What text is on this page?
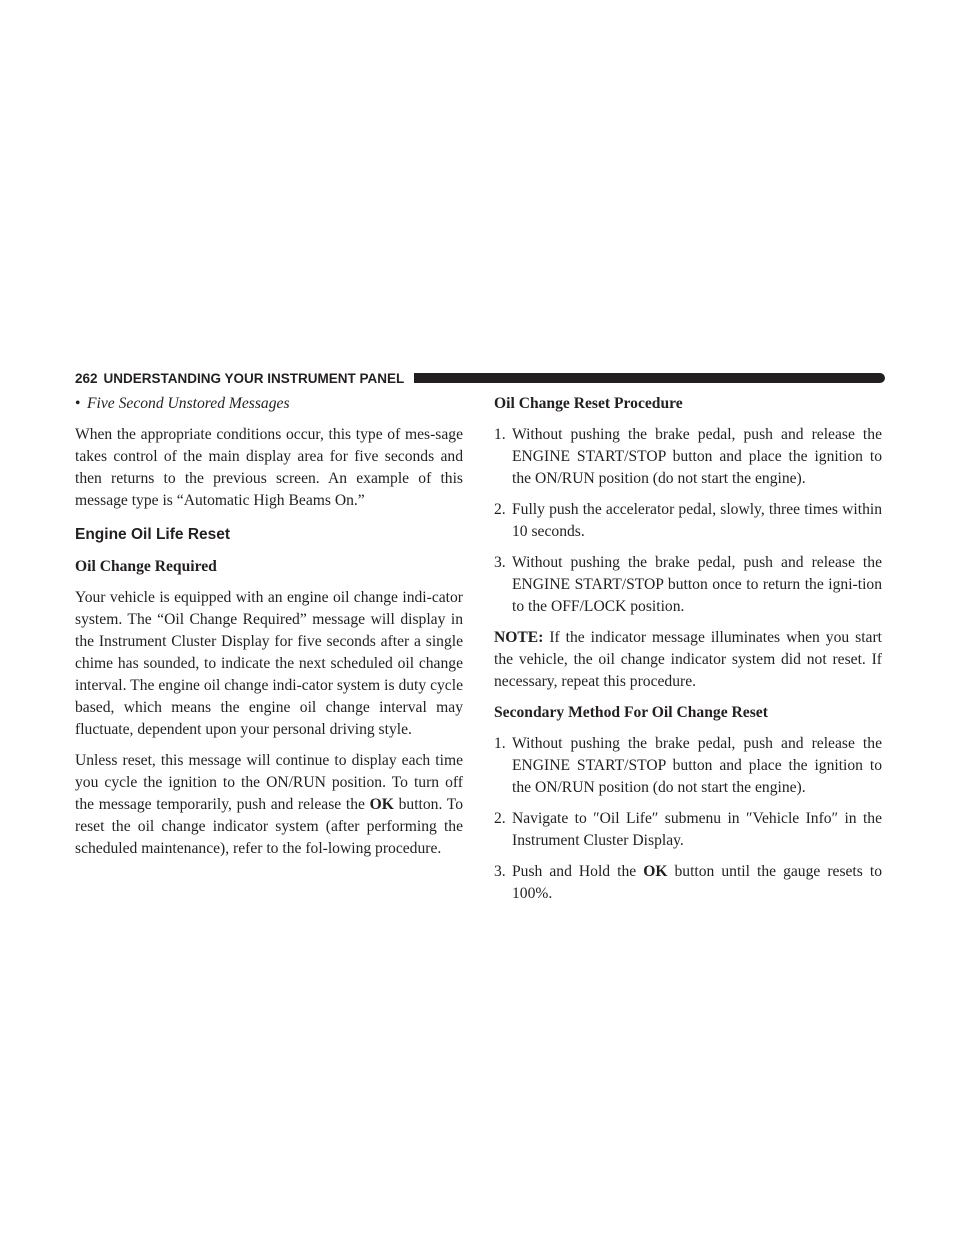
262 UNDERSTANDING YOUR INSTRUMENT PANEL

• Five Second Unstored Messages

When the appropriate conditions occur, this type of mes-sage takes control of the main display area for five seconds and then returns to the previous screen. An example of this message type is “Automatic High Beams On.”

Engine Oil Life Reset

Oil Change Required

Your vehicle is equipped with an engine oil change indi-cator system. The “Oil Change Required” message will display in the Instrument Cluster Display for five seconds after a single chime has sounded, to indicate the next scheduled oil change interval. The engine oil change indi-cator system is duty cycle based, which means the engine oil change interval may fluctuate, dependent upon your personal driving style.

Unless reset, this message will continue to display each time you cycle the ignition to the ON/RUN position. To turn off the message temporarily, push and release the OK button. To reset the oil change indicator system (after performing the scheduled maintenance), refer to the fol-lowing procedure.

Oil Change Reset Procedure

1. Without pushing the brake pedal, push and release the ENGINE START/STOP button and place the ignition to the ON/RUN position (do not start the engine).
2. Fully push the accelerator pedal, slowly, three times within 10 seconds.
3. Without pushing the brake pedal, push and release the ENGINE START/STOP button once to return the igni-tion to the OFF/LOCK position.

NOTE: If the indicator message illuminates when you start the vehicle, the oil change indicator system did not reset. If necessary, repeat this procedure.

Secondary Method For Oil Change Reset

1. Without pushing the brake pedal, push and release the ENGINE START/STOP button and place the ignition to the ON/RUN position (do not start the engine).
2. Navigate to ″Oil Life″ submenu in ″Vehicle Info″ in the Instrument Cluster Display.
3. Push and Hold the OK button until the gauge resets to 100%.
